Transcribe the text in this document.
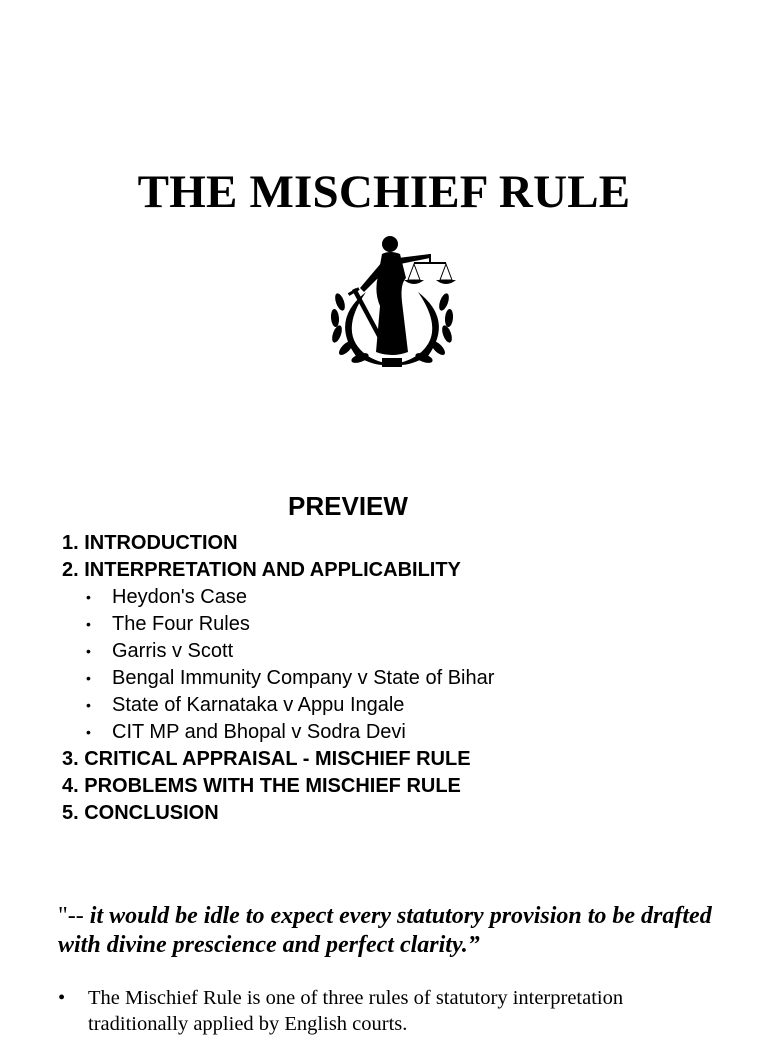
THE MISCHIEF RULE
PREVIEW
1. INTRODUCTION
2. INTERPRETATION AND APPLICABILITY
• Heydon's Case
• The Four Rules
• Garris v Scott
• Bengal Immunity Company v State of Bihar
• State of Karnataka v Appu Ingale
• CIT MP and Bhopal v Sodra Devi
3. CRITICAL APPRAISAL - MISCHIEF RULE
4. PROBLEMS WITH THE MISCHIEF RULE
5. CONCLUSION
"-- it would be idle to expect every statutory provision to be drafted with divine prescience and perfect clarity.”
• The Mischief Rule is one of three rules of statutory interpretation traditionally applied by English courts.
